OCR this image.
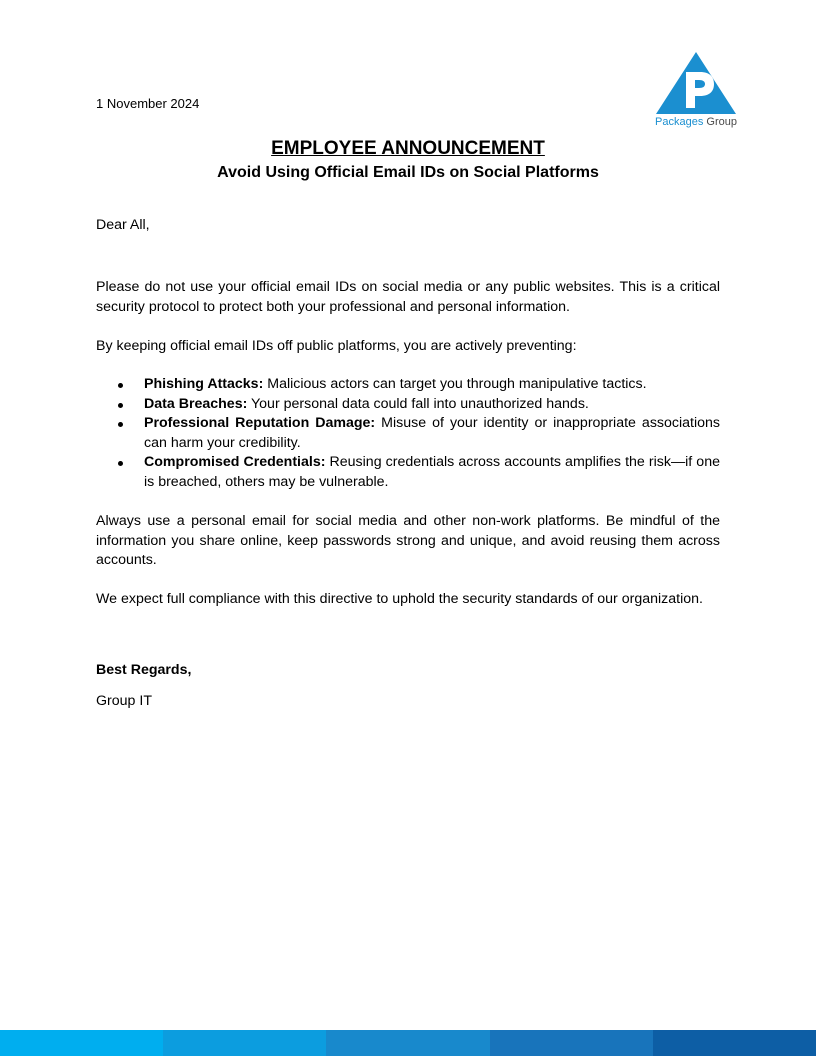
1 November 2024
Packages Group
EMPLOYEE ANNOUNCEMENT
Avoid Using Official Email IDs on Social Platforms
Dear All,
Please do not use your official email IDs on social media or any public websites. This is a critical security protocol to protect both your professional and personal information.
By keeping official email IDs off public platforms, you are actively preventing:
Phishing Attacks: Malicious actors can target you through manipulative tactics.
Data Breaches: Your personal data could fall into unauthorized hands.
Professional Reputation Damage: Misuse of your identity or inappropriate associations can harm your credibility.
Compromised Credentials: Reusing credentials across accounts amplifies the risk—if one is breached, others may be vulnerable.
Always use a personal email for social media and other non-work platforms. Be mindful of the information you share online, keep passwords strong and unique, and avoid reusing them across accounts.
We expect full compliance with this directive to uphold the security standards of our organization.
Best Regards,
Group IT
